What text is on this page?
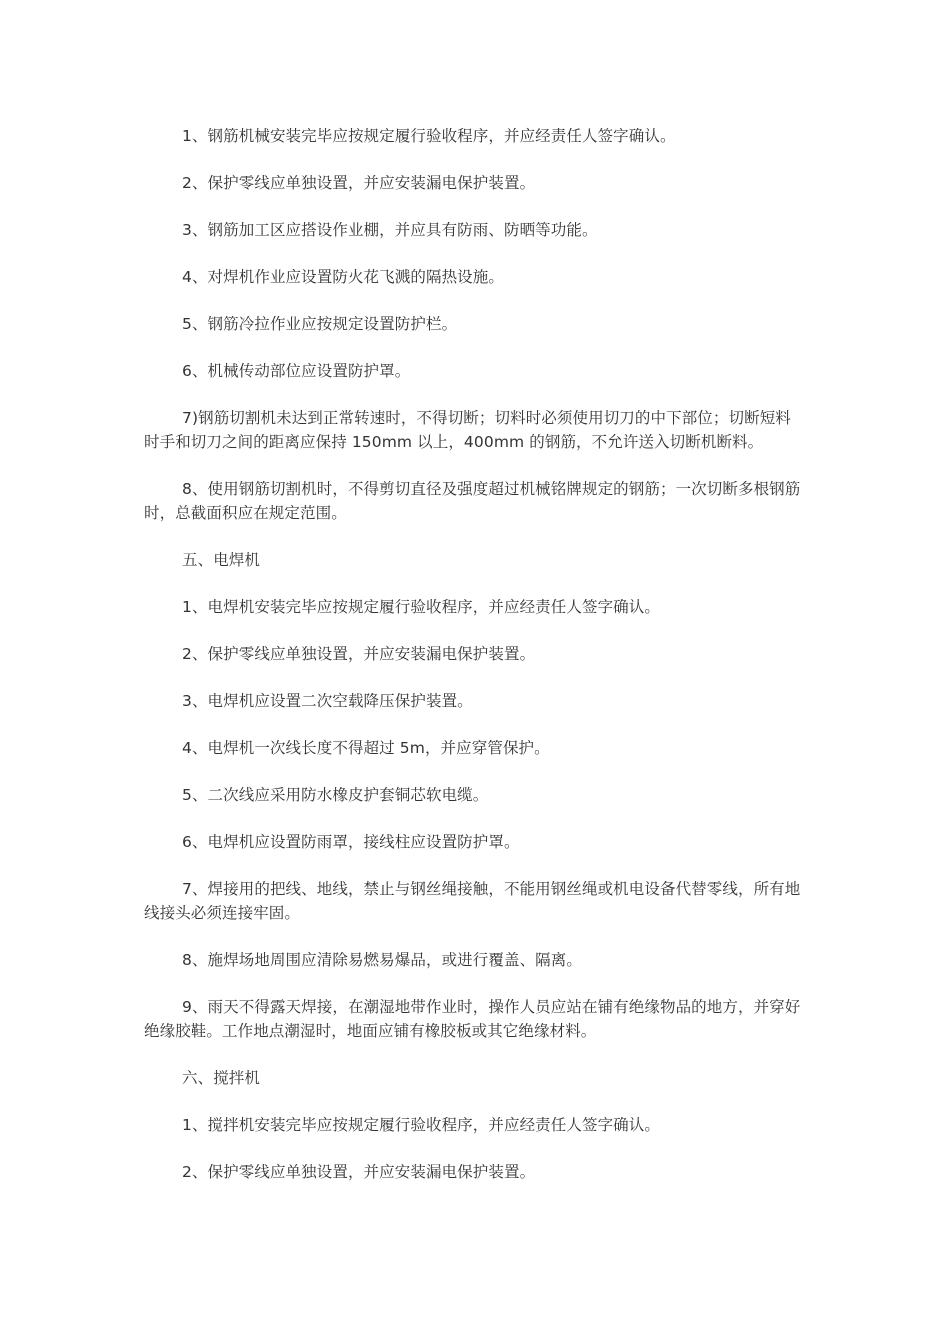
1、钢筋机械安装完毕应按规定履行验收程序，并应经责任人签字确认。

2、保护零线应单独设置，并应安装漏电保护装置。

3、钢筋加工区应搭设作业棚，并应具有防雨、防晒等功能。

4、对焊机作业应设置防火花飞溅的隔热设施。

5、钢筋冷拉作业应按规定设置防护栏。

6、机械传动部位应设置防护罩。

7)钢筋切割机未达到正常转速时，不得切断；切料时必须使用切刀的中下部位；切断短料时手和切刀之间的距离应保持 150mm 以上，400mm 的钢筋，不允许送入切断机断料。

8、使用钢筋切割机时，不得剪切直径及强度超过机械铭牌规定的钢筋；一次切断多根钢筋时，总截面积应在规定范围。

五、电焊机

1、电焊机安装完毕应按规定履行验收程序，并应经责任人签字确认。

2、保护零线应单独设置，并应安装漏电保护装置。

3、电焊机应设置二次空载降压保护装置。

4、电焊机一次线长度不得超过 5m，并应穿管保护。

5、二次线应采用防水橡皮护套铜芯软电缆。

6、电焊机应设置防雨罩，接线柱应设置防护罩。

7、焊接用的把线、地线，禁止与钢丝绳接触，不能用钢丝绳或机电设备代替零线，所有地线接头必须连接牢固。

8、施焊场地周围应清除易燃易爆品，或进行覆盖、隔离。

9、雨天不得露天焊接，在潮湿地带作业时，操作人员应站在铺有绝缘物品的地方，并穿好绝缘胶鞋。工作地点潮湿时，地面应铺有橡胶板或其它绝缘材料。

六、搅拌机

1、搅拌机安装完毕应按规定履行验收程序，并应经责任人签字确认。

2、保护零线应单独设置，并应安装漏电保护装置。
